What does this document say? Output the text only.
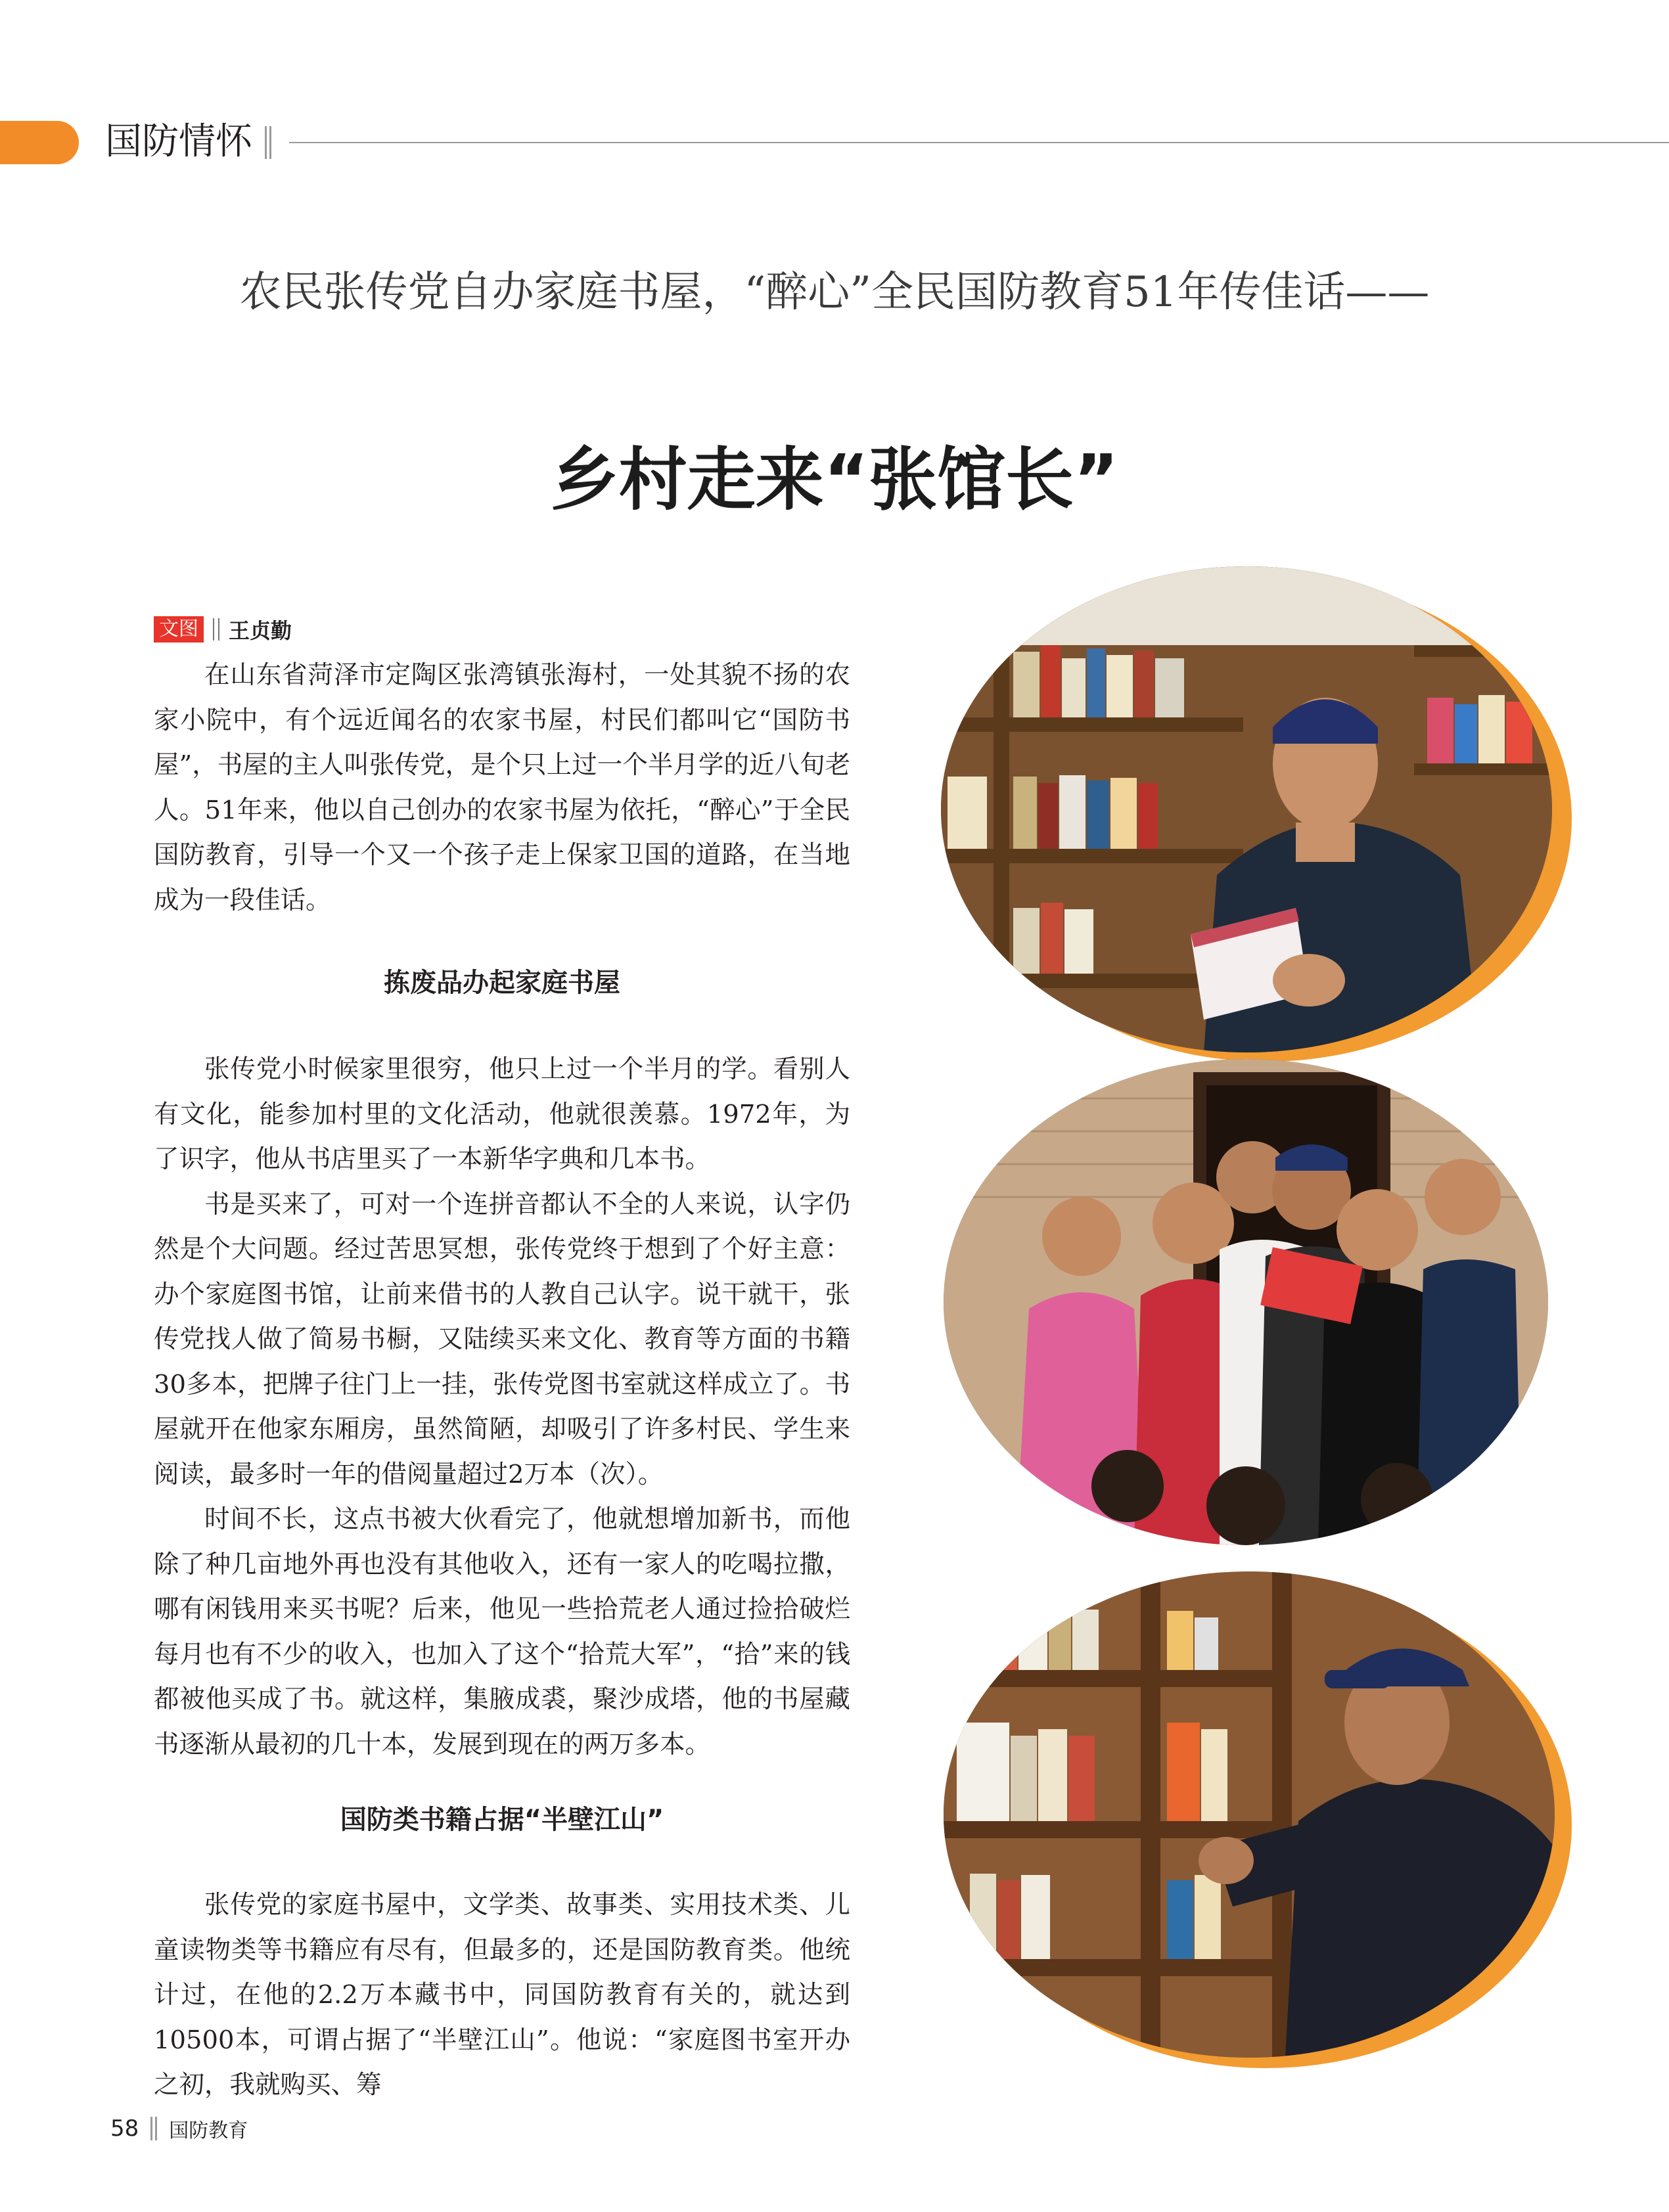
国防情怀
农民张传党自办家庭书屋，“醉心”全民国防教育51年传佳话——
乡村走来“张馆长”
文图 王贞勤

在山东省菏泽市定陶区张湾镇张海村，一处其貌不扬的农家小院中，有个远近闻名的农家书屋，村民们都叫它“国防书屋”，书屋的主人叫张传党，是个只上过一个半月学的近八旬老人。51年来，他以自己创办的农家书屋为依托，“醉心”于全民国防教育，引导一个又一个孩子走上保家卫国的道路，在当地成为一段佳话。

拣废品办起家庭书屋

张传党小时候家里很穷，他只上过一个半月的学。看别人有文化，能参加村里的文化活动，他就很羡慕。1972年，为了识字，他从书店里买了一本新华字典和几本书。

书是买来了，可对一个连拼音都认不全的人来说，认字仍然是个大问题。经过苦思冥想，张传党终于想到了个好主意：办个家庭图书馆，让前来借书的人教自己认字。说干就干，张传党找人做了简易书橱，又陆续买来文化、教育等方面的书籍30多本，把牌子往门上一挂，张传党图书室就这样成立了。书屋就开在他家东厢房，虽然简陋，却吸引了许多村民、学生来阅读，最多时一年的借阅量超过2万本（次）。

时间不长，这点书被大伙看完了，他就想增加新书，而他除了种几亩地外再也没有其他收入，还有一家人的吃喝拉撒，哪有闲钱用来买书呢？后来，他见一些拾荒老人通过捡拾破烂每月也有不少的收入，也加入了这个“拾荒大军”，“拾”来的钱都被他买成了书。就这样，集腋成裘，聚沙成塔，他的书屋藏书逐渐从最初的几十本，发展到现在的两万多本。

国防类书籍占据“半壁江山”

张传党的家庭书屋中，文学类、故事类、实用技术类、儿童读物类等书籍应有尽有，但最多的，还是国防教育类。他统计过，在他的2.2万本藏书中，同国防教育有关的，就达到10500本，可谓占据了“半壁江山”。他说：“家庭图书室开办之初，我就购买、筹

58 国防教育
